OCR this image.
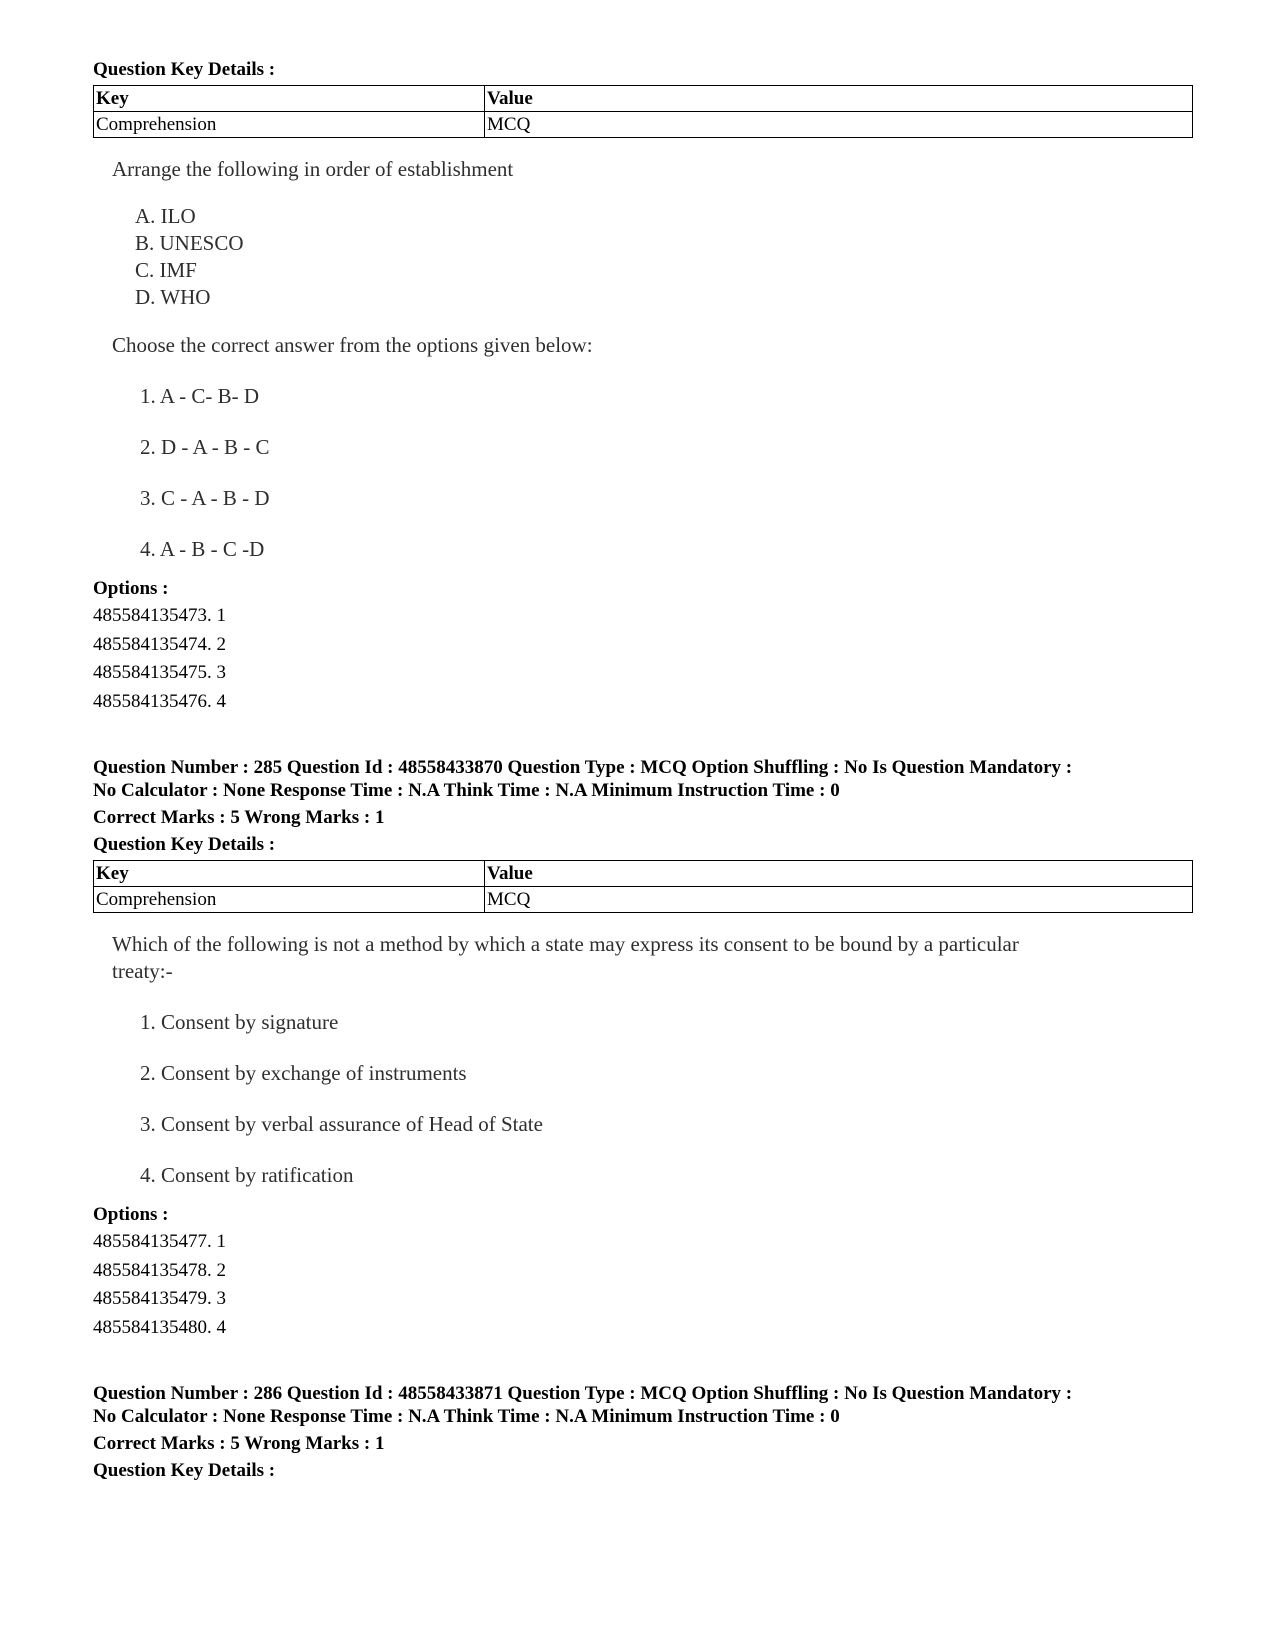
Question Key Details :
Key	Value
Comprehension	MCQ
Arrange the following in order of establishment
A. ILO
B. UNESCO
C. IMF
D. WHO
Choose the correct answer from the options given below:
1. A - C- B- D
2. D - A - B - C
3. C - A - B - D
4. A - B - C -D
Options :
485584135473. 1
485584135474. 2
485584135475. 3
485584135476. 4
Question Number : 285 Question Id : 48558433870 Question Type : MCQ Option Shuffling : No Is Question Mandatory :
No Calculator : None Response Time : N.A Think Time : N.A Minimum Instruction Time : 0
Correct Marks : 5 Wrong Marks : 1
Question Key Details :
Key	Value
Comprehension	MCQ
Which of the following is not a method by which a state may express its consent to be bound by a particular
treaty:-
1. Consent by signature
2. Consent by exchange of instruments
3. Consent by verbal assurance of Head of State
4. Consent by ratification
Options :
485584135477. 1
485584135478. 2
485584135479. 3
485584135480. 4
Question Number : 286 Question Id : 48558433871 Question Type : MCQ Option Shuffling : No Is Question Mandatory :
No Calculator : None Response Time : N.A Think Time : N.A Minimum Instruction Time : 0
Correct Marks : 5 Wrong Marks : 1
Question Key Details :
